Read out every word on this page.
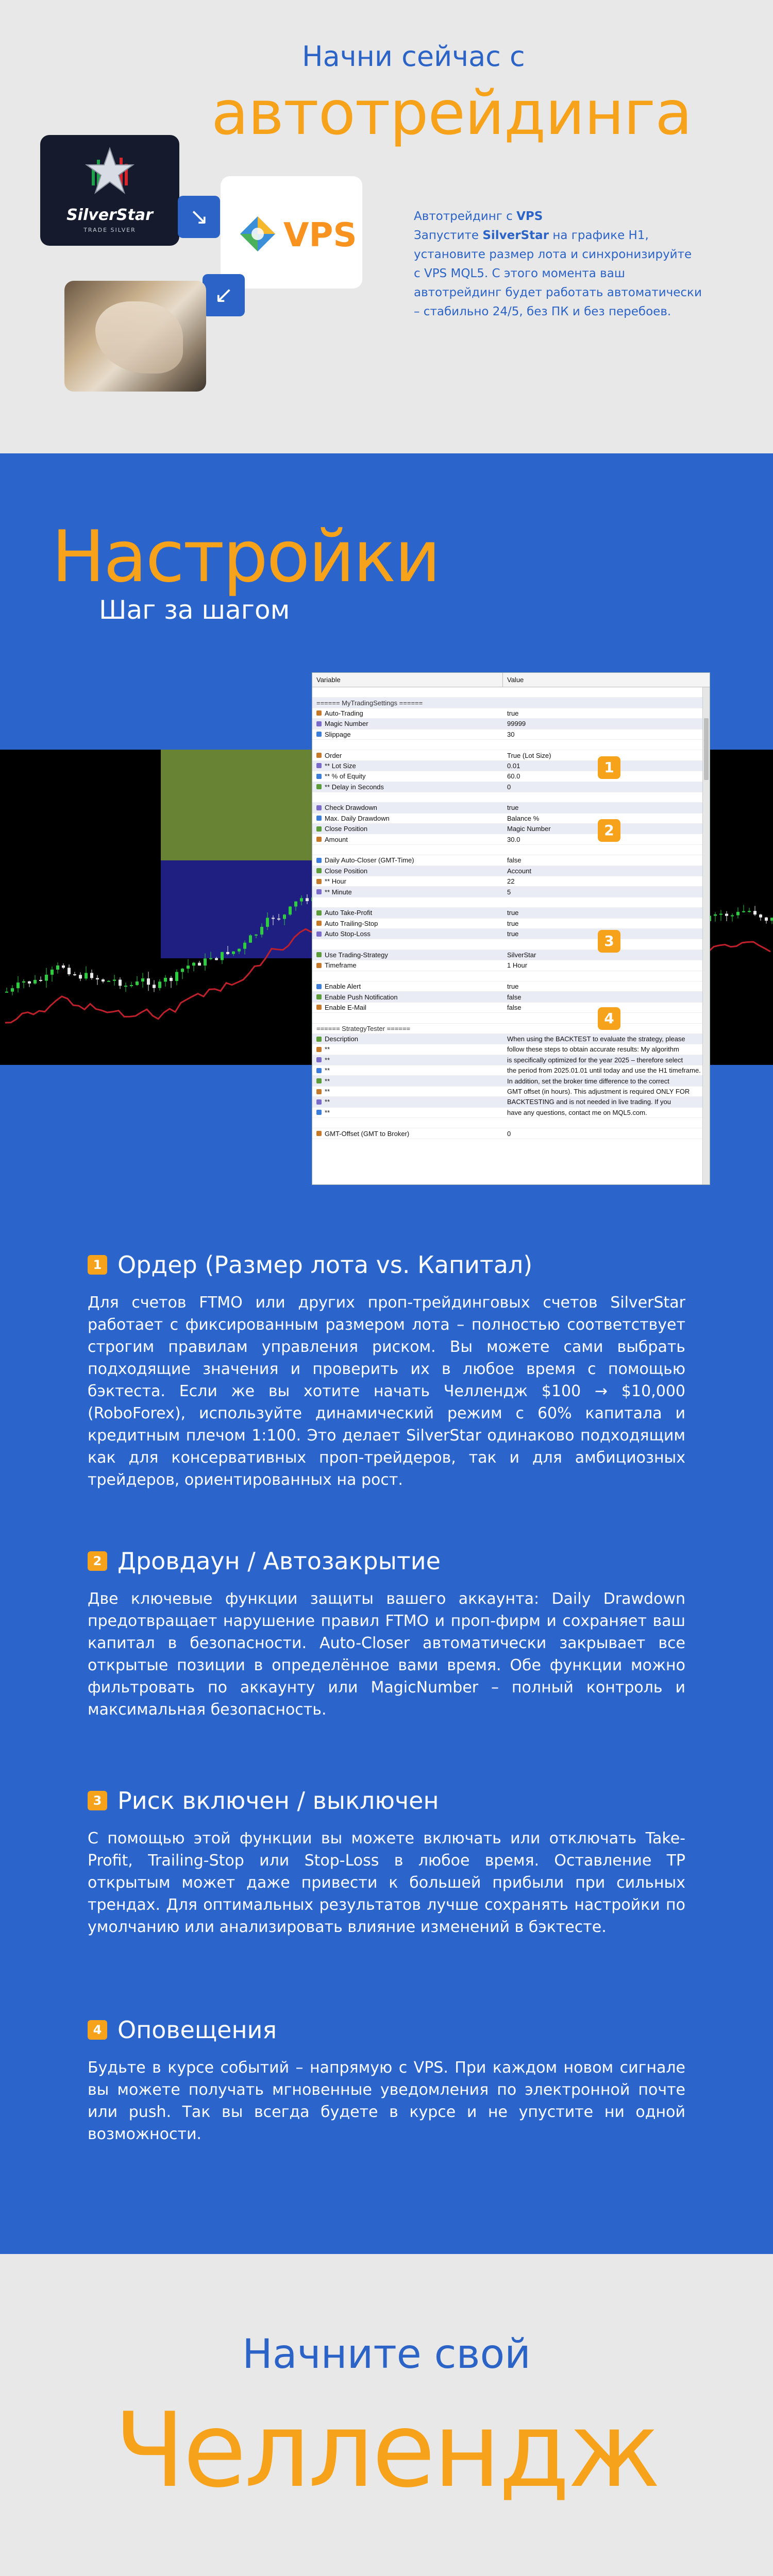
Начни сейчас с
автотрейдинга
SilverStar
TRADE SILVER
↘	VPS
↙
Автотрейдинг с VPS
Запустите SilverStar на графике H1,
установите размер лота и синхронизируйте
с VPS MQL5. С этого момента ваш
автотрейдинг будет работать автоматически
– стабильно 24/5, без ПК и без перебоев.
Настройки
Шаг за шагом
Variable	Value
====== MyTradingSettings ======
Auto-Trading	true
Magic Number	99999
Slippage	30
Order	True (Lot Size)
** Lot Size	0.01
** % of Equity	60.0
** Delay in Seconds	0
Check Drawdown	true
Max. Daily Drawdown	Balance %
Close Position	Magic Number
Amount	30.0
Daily Auto-Closer (GMT-Time)	false
Close Position	Account
** Hour	22
** Minute	5
Auto Take-Profit	true
Auto Trailing-Stop	true
Auto Stop-Loss	true
Use Trading-Strategy	SilverStar
Timeframe	1 Hour
Enable Alert	true
Enable Push Notification	false
Enable E-Mail	false
====== StrategyTester ======
Description	When using the BACKTEST to evaluate the strategy, please
**	follow these steps to obtain accurate results: My algorithm
**	is specifically optimized for the year 2025 – therefore select
**	the period from 2025.01.01 until today and use the H1 timeframe.
**	In addition, set the broker time difference to the correct
**	GMT offset (in hours). This adjustment is required ONLY FOR
**	BACKTESTING and is not needed in live trading. If you
**	have any questions, contact me on MQL5.com.
GMT-Offset (GMT to Broker)	0
1
2
3
4
1 Ордер (Размер лота vs. Капитал)
Для счетов FTMO или других проп-трейдинговых счетов SilverStar работает с фиксированным размером лота – полностью соответствует строгим правилам управления риском. Вы можете сами выбрать подходящие значения и проверить их в любое время с помощью бэктеста. Если же вы хотите начать Челлендж $100 → $10,000 (RoboForex), используйте динамический режим с 60% капитала и кредитным плечом 1:100. Это делает SilverStar одинаково подходящим как для консервативных проп-трейдеров, так и для амбициозных трейдеров, ориентированных на рост.
2 Дровдаун / Автозакрытие
Две ключевые функции защиты вашего аккаунта: Daily Drawdown предотвращает нарушение правил FTMO и проп-фирм и сохраняет ваш капитал в безопасности. Auto-Closer автоматически закрывает все открытые позиции в определённое вами время. Обе функции можно фильтровать по аккаунту или MagicNumber – полный контроль и максимальная безопасность.
3 Риск включен / выключен
С помощью этой функции вы можете включать или отключать Take-Profit, Trailing-Stop или Stop-Loss в любое время. Оставление TP открытым может даже привести к большей прибыли при сильных трендах. Для оптимальных результатов лучше сохранять настройки по умолчанию или анализировать влияние изменений в бэктесте.
4 Оповещения
Будьте в курсе событий – напрямую с VPS. При каждом новом сигнале вы можете получать мгновенные уведомления по электронной почте или push. Так вы всегда будете в курсе и не упустите ни одной возможности.
Начните свой
Челлендж
